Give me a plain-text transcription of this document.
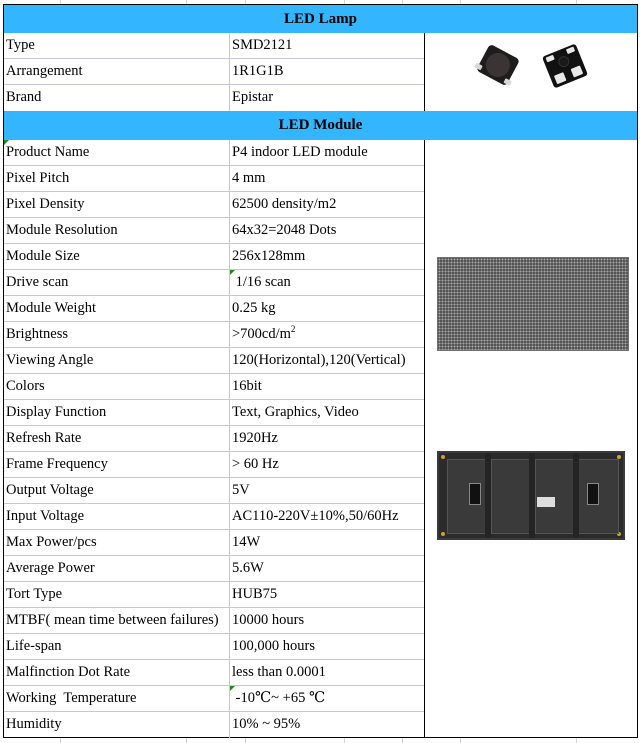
LED Lamp
Type	SMD2121
Arrangement	1R1G1B
Brand	Epistar
LED Module
Product Name	P4 indoor LED module
Pixel Pitch	4 mm
Pixel Density	62500 density/m2
Module Resolution	64x32=2048 Dots
Module Size	256x128mm
Drive scan	1/16 scan
Module Weight	0.25 kg
Brightness	$>700cd/m^2$
Viewing Angle	120(Horizontal),120(Vertical)
Colors	16bit
Display Function	Text, Graphics, Video
Refresh Rate	1920Hz
Frame Frequency	> 60 Hz
Output Voltage	5V
Input Voltage	AC110-220V±10%,50/60Hz
Max Power/pcs	14W
Average Power	5.6W
Tort Type	HUB75
MTBF( mean time between failures) 10000 hours
Life-span	100,000 hours
Malfinction Dot Rate	less than 0.0001
Working  Temperature	-10℃~ +65 ℃
Humidity	10% ~ 95%
